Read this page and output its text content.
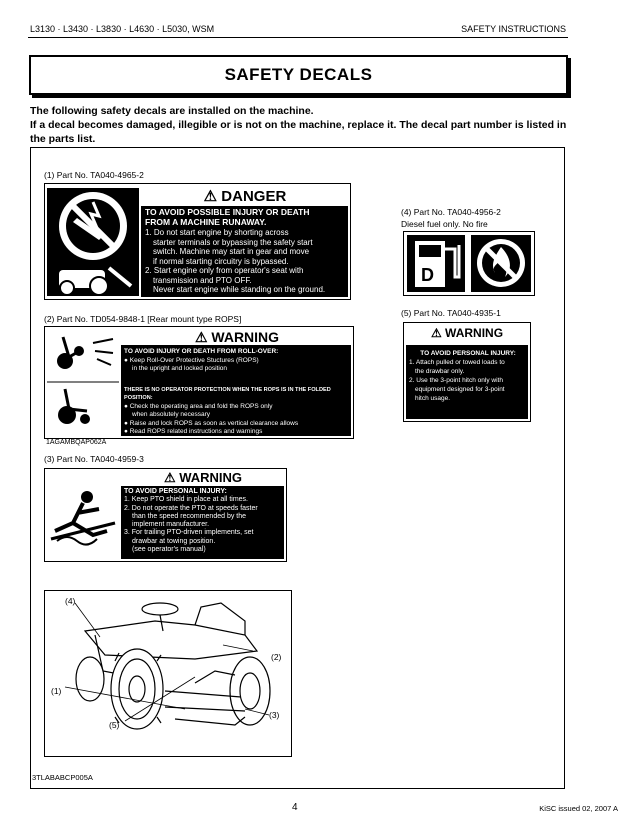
L3130 · L3430 · L3830 · L4630 · L5030, WSM	SAFETY INSTRUCTIONS
SAFETY DECALS
The following safety decals are installed on the machine.
If a decal becomes damaged, illegible or is not on the machine, replace it. The decal part number is listed in the parts list.
(1) Part No. TA040-4965-2
⚠ DANGER
TO AVOID POSSIBLE INJURY OR DEATH
FROM A MACHINE RUNAWAY.
1. Do not start engine by shorting across
starter terminals or bypassing the safety start
switch. Machine may start in gear and move
if normal starting circuitry is bypassed.
2. Start engine only from operator's seat with
transmission and PTO OFF.
Never start engine while standing on the ground.
(4) Part No. TA040-4956-2
Diesel fuel only. No fire
D
(5) Part No. TA040-4935-1
⚠ WARNING
TO AVOID PERSONAL INJURY:
1. Attach pulled or towed loads to
the drawbar only.
2. Use the 3-point hitch only with
equipment designed for 3-point
hitch usage.
(2) Part No. TD054-9848-1 [Rear mount type ROPS]
⚠ WARNING
TO AVOID INJURY OR DEATH FROM ROLL-OVER:
● Keep Roll-Over Protective Stuctures (ROPS)
in the upright and locked position
THERE IS NO OPERATOR PROTECTION WHEN THE ROPS IS IN THE FOLDED POSITION:
● Check the operating area and fold the ROPS only
when absolutely necessary
● Raise and lock ROPS as soon as vertical clearance allows
● Read ROPS related instructions and warnings
1AGAMBQAP062A
(3) Part No. TA040-4959-3
⚠ WARNING
TO AVOID PERSONAL INJURY:
1. Keep PTO shield in place at all times.
2. Do not operate the PTO at speeds faster
than the speed recommended by the
implement manufacturer.
3. For trailing PTO-driven implements, set
drawbar at towing position.
(see operator's manual)
(4)
(2)
(1)
(5)
(3)
3TLABABCP005A
4	KiSC issued 02, 2007 A
